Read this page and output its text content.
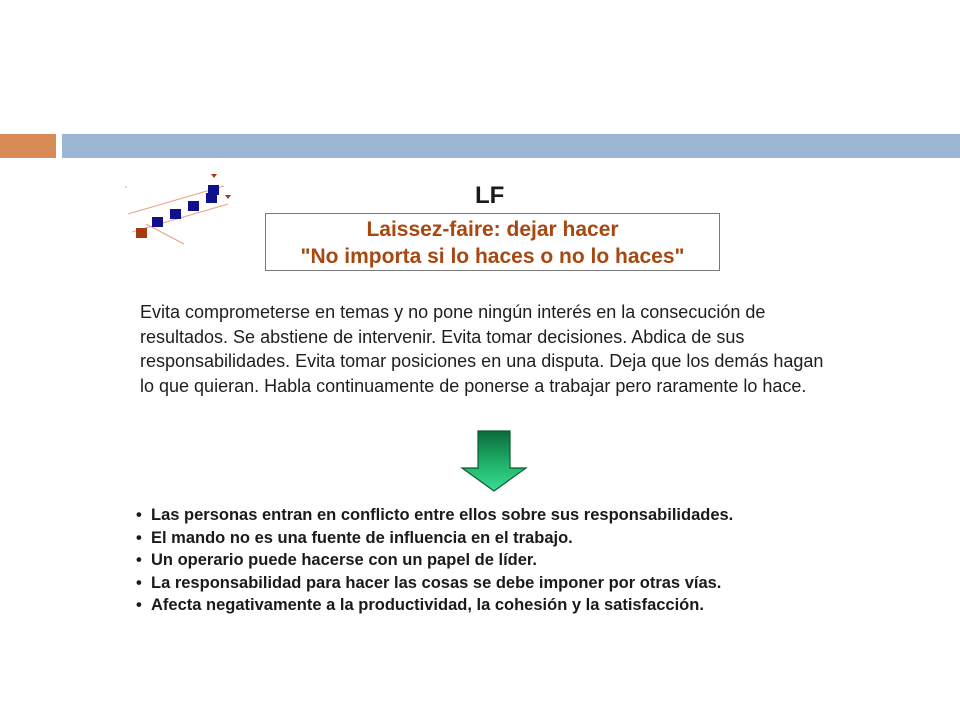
LF
Laissez-faire: dejar hacer
"No importa si lo haces o no lo haces"

Evita comprometerse en temas y no pone ningún interés en la consecución de resultados. Se abstiene de intervenir. Evita tomar decisiones. Abdica de sus responsabilidades. Evita tomar posiciones en una disputa. Deja que los demás hagan lo que quieran. Habla continuamente de ponerse a trabajar pero raramente lo hace.

• Las personas entran en conflicto entre ellos sobre sus responsabilidades.
• El mando no es una fuente de influencia en el trabajo.
• Un operario puede hacerse con un papel de líder.
• La responsabilidad para hacer las cosas se debe imponer por otras vías.
• Afecta negativamente a la productividad, la cohesión y la satisfacción.
